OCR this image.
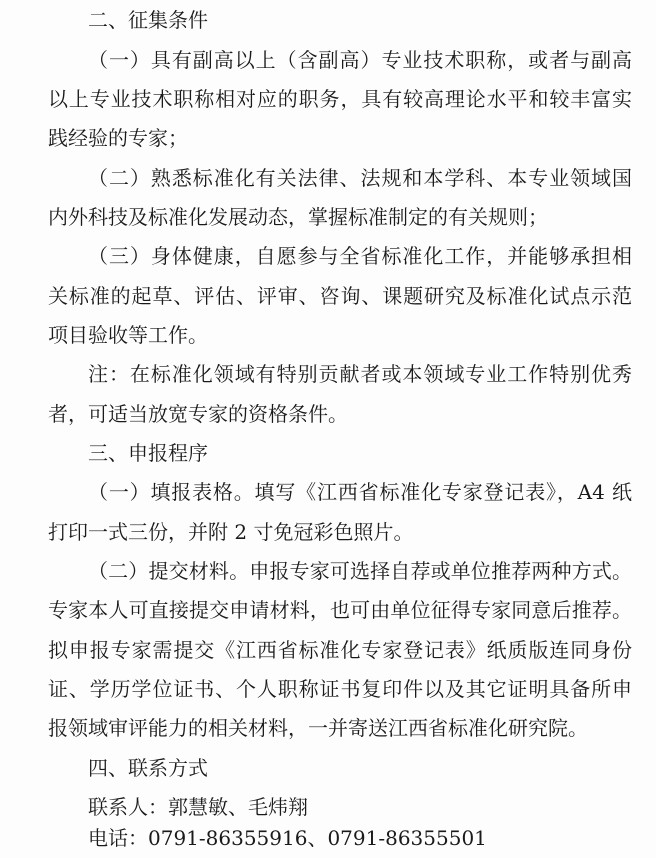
二、征集条件
（一）具有副高以上（含副高）专业技术职称，或者与副高
以上专业技术职称相对应的职务，具有较高理论水平和较丰富实
践经验的专家；
（二）熟悉标准化有关法律、法规和本学科、本专业领域国
内外科技及标准化发展动态，掌握标准制定的有关规则；
（三）身体健康，自愿参与全省标准化工作，并能够承担相
关标准的起草、评估、评审、咨询、课题研究及标准化试点示范
项目验收等工作。
注：在标准化领域有特别贡献者或本领域专业工作特别优秀
者，可适当放宽专家的资格条件。
三、申报程序
（一）填报表格。填写《江西省标准化专家登记表》，A4 纸
打印一式三份，并附 2 寸免冠彩色照片。
（二）提交材料。申报专家可选择自荐或单位推荐两种方式。
专家本人可直接提交申请材料，也可由单位征得专家同意后推荐。
拟申报专家需提交《江西省标准化专家登记表》纸质版连同身份
证、学历学位证书、个人职称证书复印件以及其它证明具备所申
报领域审评能力的相关材料，一并寄送江西省标准化研究院。
四、联系方式
联系人：郭慧敏、毛炜翔
电话：0791-86355916、0791-86355501
